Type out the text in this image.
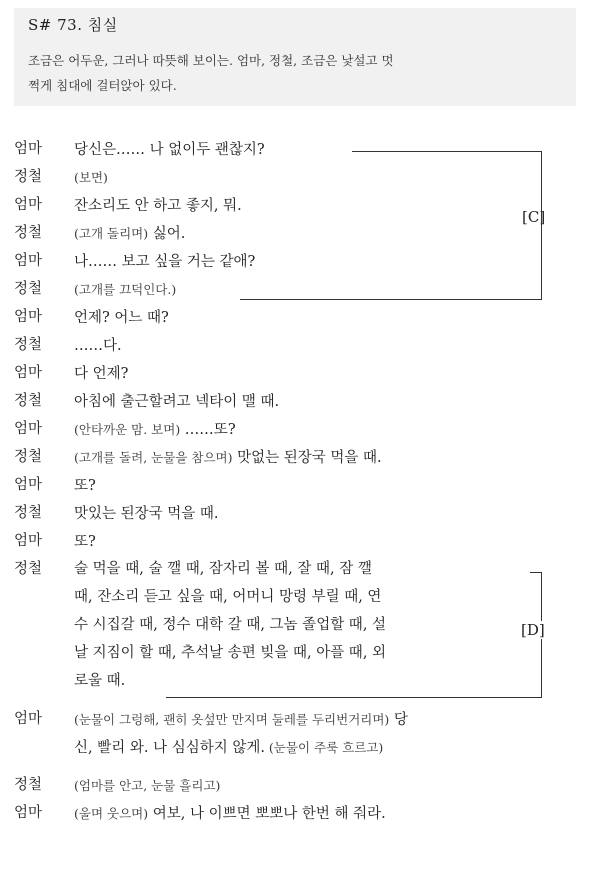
S# 73. 침실
조금은 어두운, 그러나 따뜻해 보이는. 엄마, 정철, 조금은 낯설고 멋
쩍게 침대에 걸터앉아 있다.
엄마	당신은…… 나 없이두 괜찮지?
정철	(보면)
엄마	잔소리도 안 하고 좋지, 뭐.
정철	(고개 돌리며) 싫어.
엄마	나…… 보고 싶을 거는 같애?
정철	(고개를 끄덕인다.)
엄마	언제? 어느 때?
정철	……다.
엄마	다 언제?
정철	아침에 출근할려고 넥타이 맬 때.
엄마	(안타까운 맘. 보며) ……또?
정철	(고개를 돌려, 눈물을 참으며) 맛없는 된장국 먹을 때.
엄마	또?
정철	맛있는 된장국 먹을 때.
엄마	또?
정철	술 먹을 때, 술 깰 때, 잠자리 볼 때, 잘 때, 잠 깰
때, 잔소리 듣고 싶을 때, 어머니 망령 부릴 때, 연
수 시집갈 때, 정수 대학 갈 때, 그놈 졸업할 때, 설
날 지짐이 할 때, 추석날 송편 빚을 때, 아플 때, 외
로울 때.
엄마	(눈물이 그렁해, 괜히 옷섶만 만지며 둘레를 두리번거리며) 당
신, 빨리 와. 나 심심하지 않게. (눈물이 주룩 흐르고)
정철	(엄마를 안고, 눈물 흘리고)
엄마	(울며 웃으며) 여보, 나 이쁘면 뽀뽀나 한번 해 줘라.
[C]
[D]
